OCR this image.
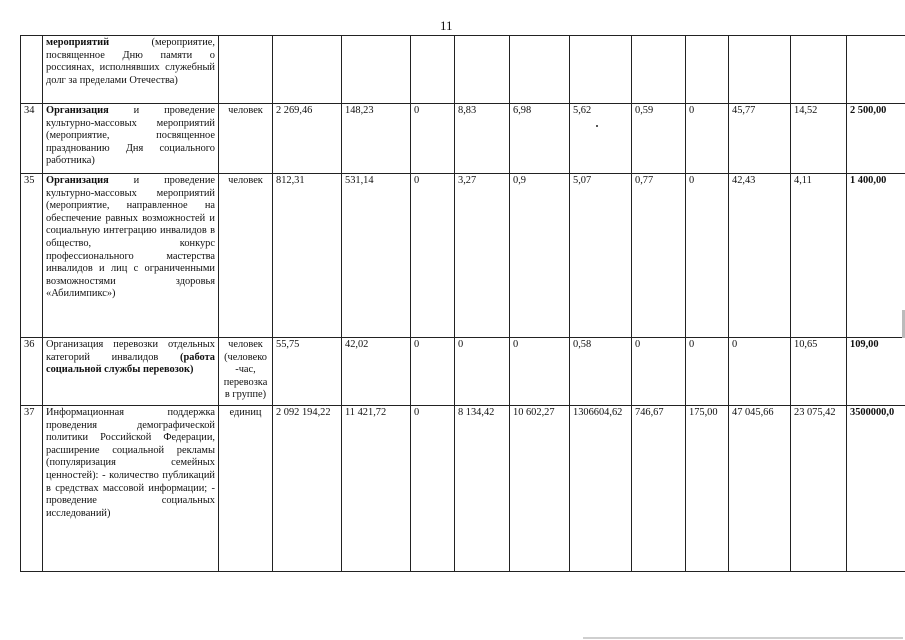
11
	мероприятий (мероприятие, посвященное Дню памяти о россиянах, исполнявших служебный долг за пределами Отечества)												
34	Организация и проведение культурно-массовых мероприятий (мероприятие, посвященное празднованию Дня социального работника)	человек	2 269,46	148,23	0	8,83	6,98	5,62	0,59	0	45,77	14,52	2 500,00
35	Организация и проведение культурно-массовых мероприятий (мероприятие, направленное на обеспечение равных возможностей и социальную интеграцию инвалидов в общество, конкурс профессионального мастерства инвалидов и лиц с ограниченными возможностями здоровья «Абилимпикс»)	человек	812,31	531,14	0	3,27	0,9	5,07	0,77	0	42,43	4,11	1 400,00
36	Организация перевозки отдельных категорий инвалидов (работа социальной службы перевозок)	человек (человеко -час, перевозка в группе)	55,75	42,02	0	0	0	0,58	0	0	0	10,65	109,00
37	Информационная поддержка проведения демографической политики Российской Федерации, расширение социальной рекламы (популяризация семейных ценностей): - количество публикаций в средствах массовой информации; - проведение социальных исследований)	единиц	2 092 194,22	11 421,72	0	8 134,42	10 602,27	1306604,62	746,67	175,00	47 045,66	23 075,42	3500000,0
